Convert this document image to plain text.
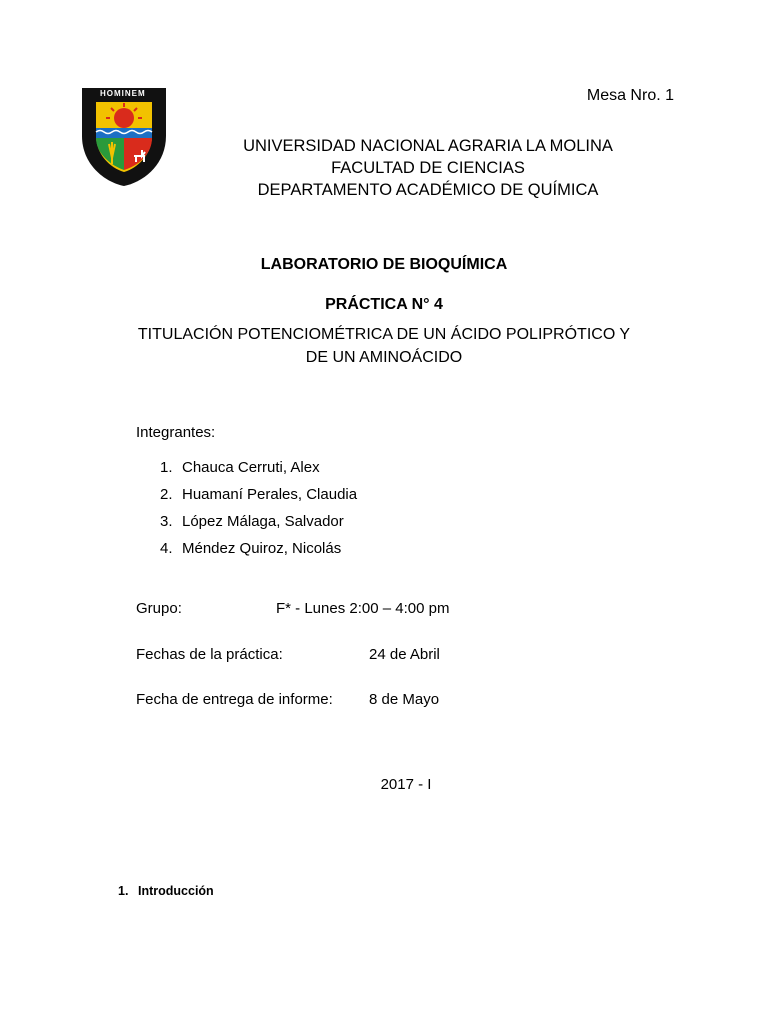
HOMINEM	Mesa Nro. 1
UNIVERSIDAD NACIONAL AGRARIA LA MOLINA
FACULTAD DE CIENCIAS
DEPARTAMENTO ACADÉMICO DE QUÍMICA
LABORATORIO DE BIOQUÍMICA
PRÁCTICA N° 4
TITULACIÓN POTENCIOMÉTRICA DE UN ÁCIDO POLIPRÓTICO Y
DE UN AMINOÁCIDO
Integrantes:
1. Chauca Cerruti, Alex
2. Huamaní Perales, Claudia
3. López Málaga, Salvador
4. Méndez Quiroz, Nicolás
Grupo:	F* - Lunes 2:00 – 4:00 pm
Fechas de la práctica:	24 de Abril
Fecha de entrega de informe: 8 de Mayo
2017 - I
1. Introducción
